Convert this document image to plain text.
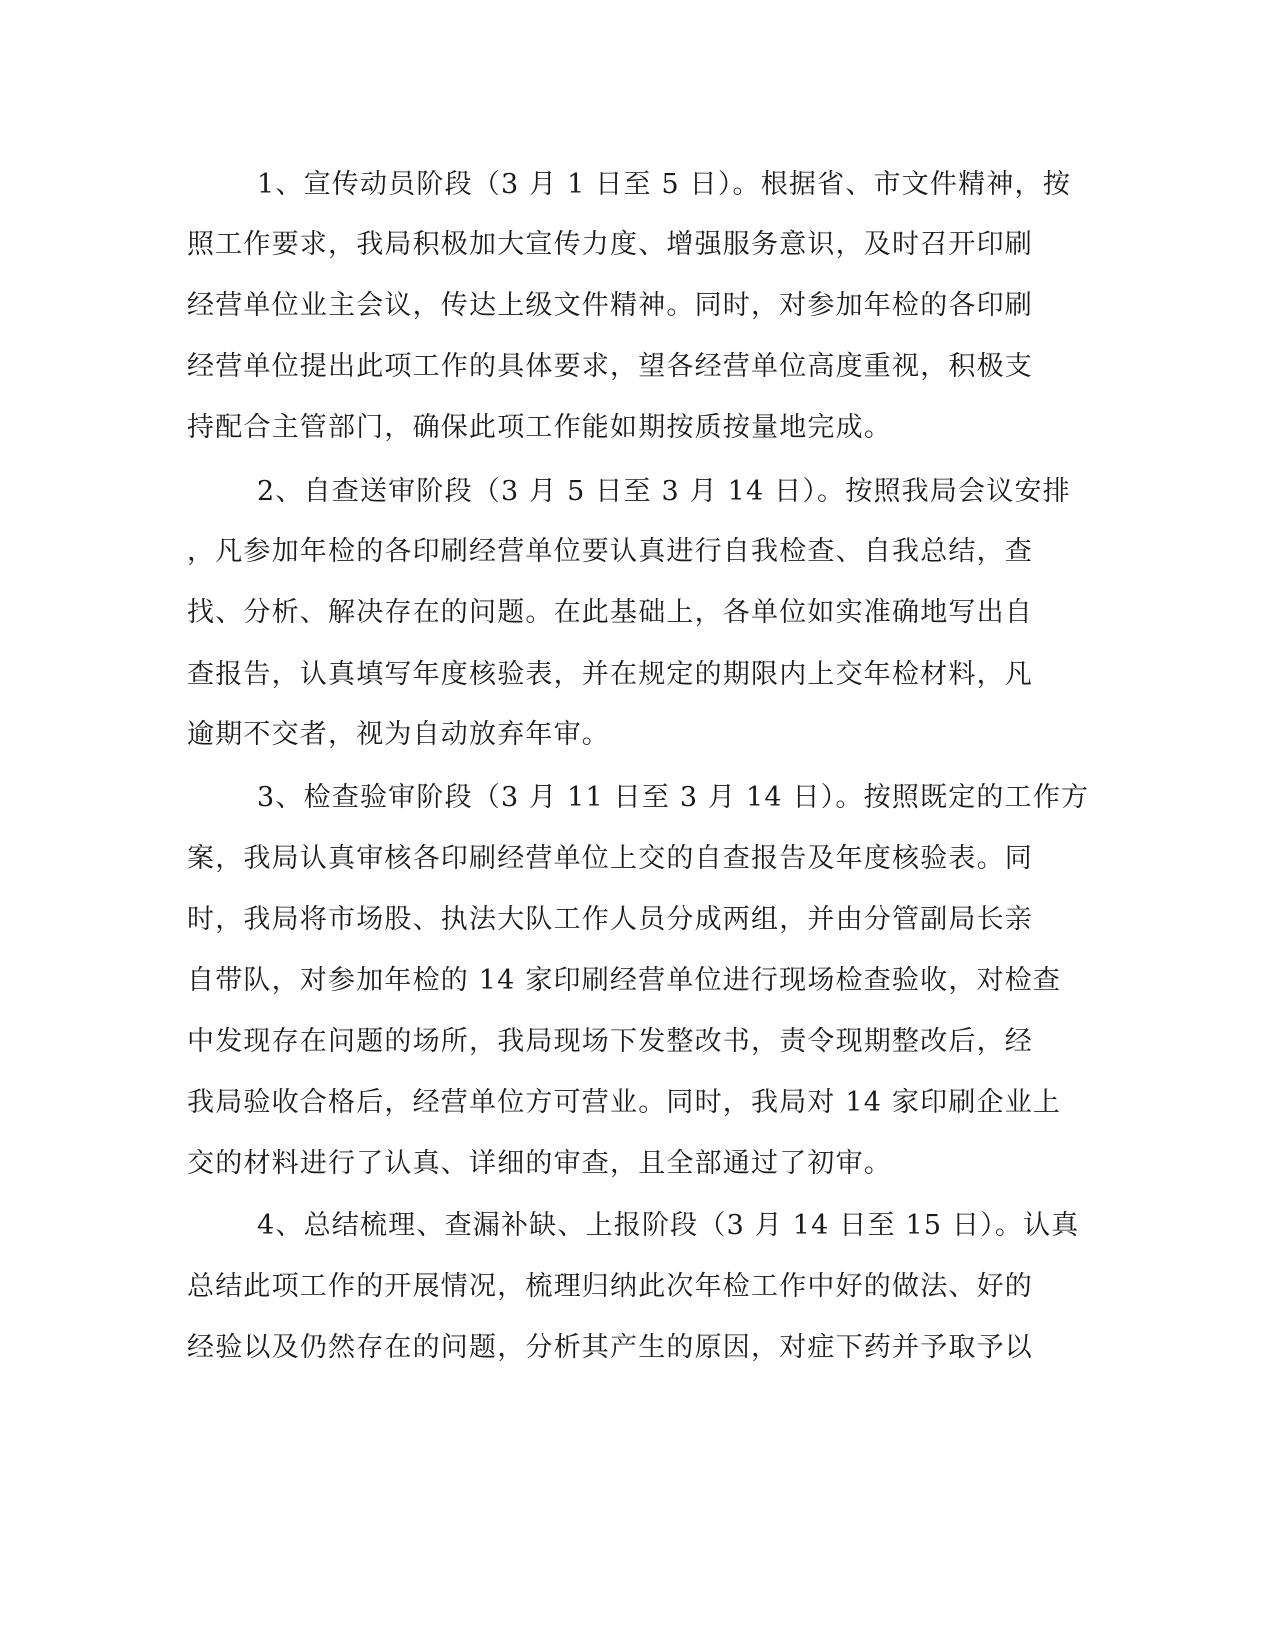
1、宣传动员阶段（3 月 1 日至 5 日）。根据省、市文件精神，按
照工作要求，我局积极加大宣传力度、增强服务意识，及时召开印刷
经营单位业主会议，传达上级文件精神。同时，对参加年检的各印刷
经营单位提出此项工作的具体要求，望各经营单位高度重视，积极支
持配合主管部门，确保此项工作能如期按质按量地完成。
2、自查送审阶段（3 月 5 日至 3 月 14 日）。按照我局会议安排
，凡参加年检的各印刷经营单位要认真进行自我检查、自我总结，查
找、分析、解决存在的问题。在此基础上，各单位如实准确地写出自
查报告，认真填写年度核验表，并在规定的期限内上交年检材料，凡
逾期不交者，视为自动放弃年审。
3、检查验审阶段（3 月 11 日至 3 月 14 日）。按照既定的工作方
案，我局认真审核各印刷经营单位上交的自查报告及年度核验表。同
时，我局将市场股、执法大队工作人员分成两组，并由分管副局长亲
自带队，对参加年检的 14 家印刷经营单位进行现场检查验收，对检查
中发现存在问题的场所，我局现场下发整改书，责令现期整改后，经
我局验收合格后，经营单位方可营业。同时，我局对 14 家印刷企业上
交的材料进行了认真、详细的审查，且全部通过了初审。
4、总结梳理、查漏补缺、上报阶段（3 月 14 日至 15 日）。认真
总结此项工作的开展情况，梳理归纳此次年检工作中好的做法、好的
经验以及仍然存在的问题，分析其产生的原因，对症下药并予取予以
